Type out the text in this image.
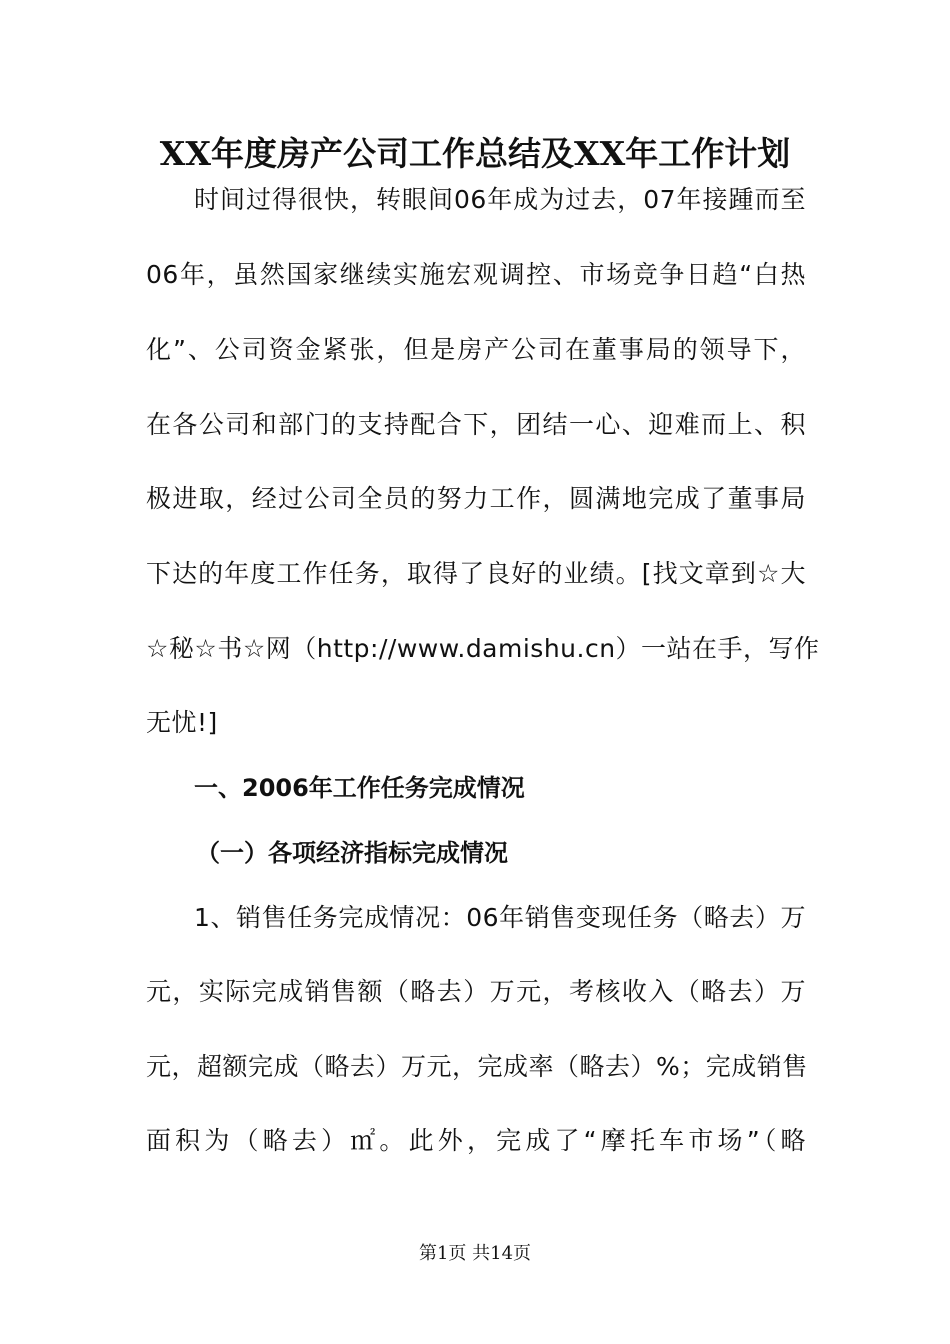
XX年度房产公司工作总结及XX年工作计划
时间过得很快，转眼间06年成为过去，07年接踵而至
06年，虽然国家继续实施宏观调控、市场竞争日趋“白热
化”、公司资金紧张，但是房产公司在董事局的领导下，
在各公司和部门的支持配合下，团结一心、迎难而上、积
极进取，经过公司全员的努力工作，圆满地完成了董事局
下达的年度工作任务，取得了良好的业绩。[找文章到☆大
☆秘☆书☆网（http://www.damishu.cn）一站在手，写作
无忧!]
一、2006年工作任务完成情况
（一）各项经济指标完成情况
1、销售任务完成情况：06年销售变现任务（略去）万
元，实际完成销售额（略去）万元，考核收入（略去）万
元，超额完成（略去）万元，完成率（略去）%；完成销售
面积为（略去）㎡。此外，完成了“摩托车市场”（略
第1页 共14页
